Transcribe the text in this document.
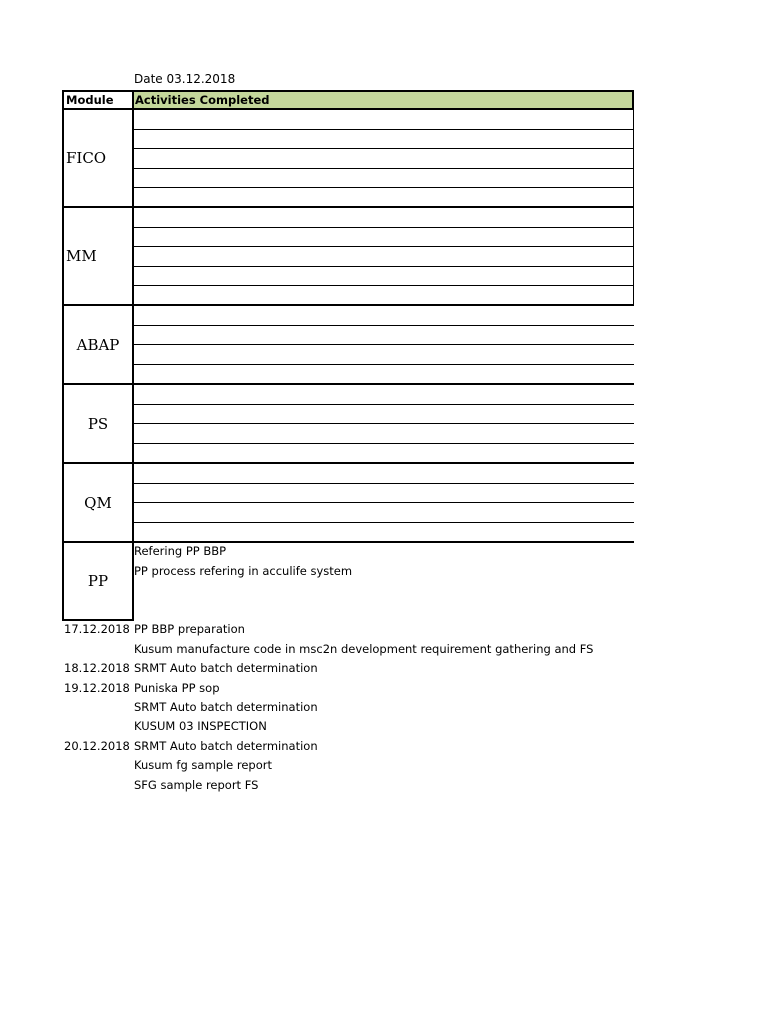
Date 03.12.2018
Module	Activities Completed
FICO
MM
ABAP
PS
QM
PP
Refering PP BBP
PP process refering in acculife system
17.12.2018 PP BBP preparation
Kusum manufacture code in msc2n development requirement gathering and FS
18.12.2018 SRMT Auto batch determination
19.12.2018 Puniska PP sop
SRMT Auto batch determination
KUSUM 03 INSPECTION
20.12.2018 SRMT Auto batch determination
Kusum fg sample report
SFG sample report FS
